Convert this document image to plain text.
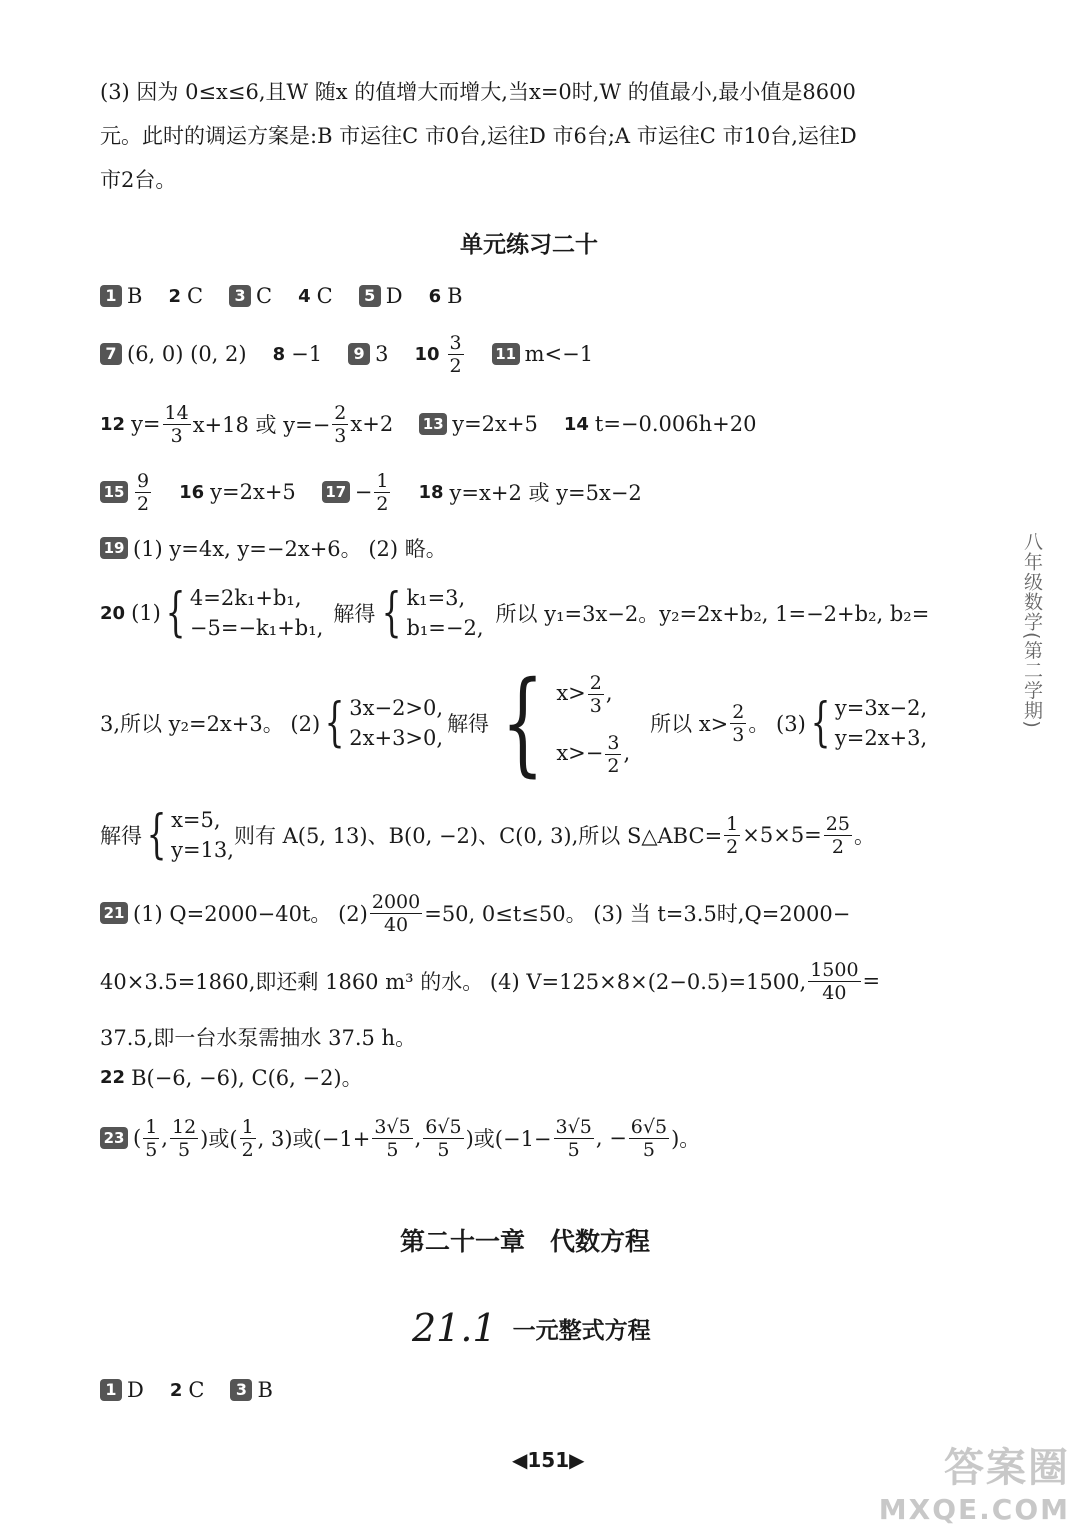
(3) 因为 0≤x≤6,且W 随x 的值增大而增大,当x=0时,W 的值最小,最小值是8600
元。此时的调运方案是:B 市运往C 市0台,运往D 市6台;A 市运往C 市10台,运往D
市2台。
单元练习二十
1 B 2 C	3 C 4 C	5 D 6 B
7 (6, 0) (0, 2) 8 −1	9 3 $10 \frac{3}{2} 11$ m<−1
12 $y= \frac{14}{3} x+18$ 或 $y=- \frac{2}{3} x+2$ 13 y=2x+5 14 t=−0.006h+20
$15 \frac{9}{2} 16$ y=2x+5 $17 - \frac{1}{2} 18$ y=x+2 或 y=5x−2
19 (1) y=4x, y=−2x+6。 (2) 略。
20 (1) { 4=2k₁+b₁,
−5=−k₁+b₁,
解得 { k₁=3,
b₁=−2,
所以 y₁=3x−2。y₂=2x+b₂, 1=−2+b₂, b₂=
3,所以 y₂=2x+3。 (2) { 3x−2>0,
2x+3>0,
解得 { $x> \frac{2}{3}$ ,
$x>- \frac{3}{2}$ ,
所以 $x> \frac{2}{3}$ 。 (3) { y=3x−2,
y=2x+3,
解得 { x=5,
y=13,
则有 A(5, 13)、B(0, −2)、C(0, 3),所以 S△ABC= $\frac{1}{2} \times 5\times 5= \frac{25}{2}$ 。
21 (1) Q=2000−40t。 $(2) \frac{2000}{40} =50$, 0≤t≤50。 (3) 当 t=3.5时,Q=2000−
40×3.5=1860,即还剩 1860 m³ 的水。 (4) V=125×8×(2−0.5)=1500, $\frac{1500}{40}$ =
37.5,即一台水泵需抽水 37.5 h。
22 B(−6, −6), C(6, −2)。
23 ( $\frac{1}{5}$ , $\frac{12}{5}$ )或( $\frac{1}{2}$ , 3)或($-1+ \frac{3√5}{5}$ , $\frac{6√5}{5}$ )或($-1- \frac{3√5}{5}$ , − $\frac{6√5}{5}$ )。
第二十一章　代数方程
21.1 一元整式方程
1 D 2 C	3 B
八年级数学(第二学期)
◀151▶	答案圈
MXQE.COM
